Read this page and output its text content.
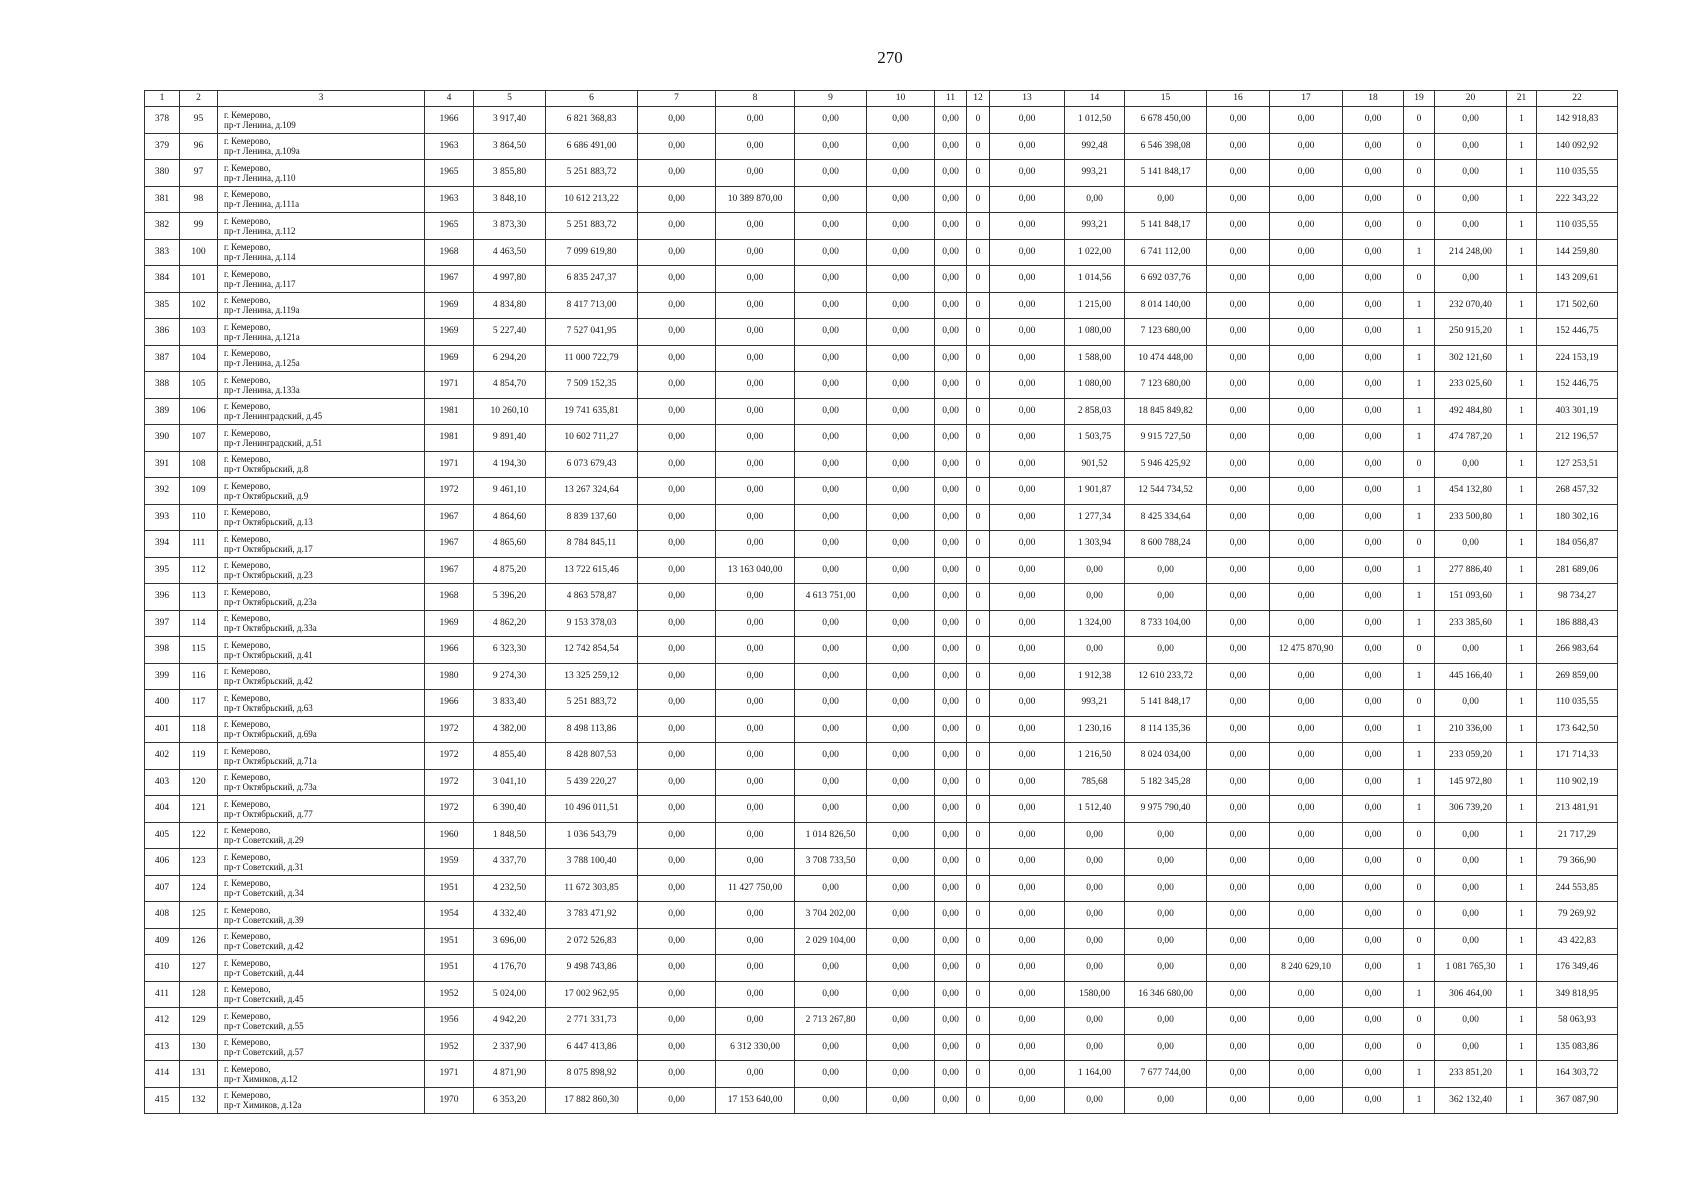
270
1	2	3	4	5	6	7	8	9	10	11	12	13	14	15	16	17	18	19	20	21	22
378	95	г. Кемерово,
пр-т Ленина, д.109	1966	3 917,40	6 821 368,83	0,00	0,00	0,00	0,00	0,00	0	0,00	1 012,50	6 678 450,00	0,00	0,00	0,00	0	0,00	1	142 918,83
379	96	г. Кемерово,
пр-т Ленина, д.109а	1963	3 864,50	6 686 491,00	0,00	0,00	0,00	0,00	0,00	0	0,00	992,48	6 546 398,08	0,00	0,00	0,00	0	0,00	1	140 092,92
380	97	г. Кемерово,
пр-т Ленина, д.110	1965	3 855,80	5 251 883,72	0,00	0,00	0,00	0,00	0,00	0	0,00	993,21	5 141 848,17	0,00	0,00	0,00	0	0,00	1	110 035,55
381	98	г. Кемерово,
пр-т Ленина, д.111а	1963	3 848,10	10 612 213,22	0,00	10 389 870,00	0,00	0,00	0,00	0	0,00	0,00	0,00	0,00	0,00	0,00	0	0,00	1	222 343,22
382	99	г. Кемерово,
пр-т Ленина, д.112	1965	3 873,30	5 251 883,72	0,00	0,00	0,00	0,00	0,00	0	0,00	993,21	5 141 848,17	0,00	0,00	0,00	0	0,00	1	110 035,55
383	100	г. Кемерово,
пр-т Ленина, д.114	1968	4 463,50	7 099 619,80	0,00	0,00	0,00	0,00	0,00	0	0,00	1 022,00	6 741 112,00	0,00	0,00	0,00	1	214 248,00	1	144 259,80
384	101	г. Кемерово,
пр-т Ленина, д.117	1967	4 997,80	6 835 247,37	0,00	0,00	0,00	0,00	0,00	0	0,00	1 014,56	6 692 037,76	0,00	0,00	0,00	0	0,00	1	143 209,61
385	102	г. Кемерово,
пр-т Ленина, д.119а	1969	4 834,80	8 417 713,00	0,00	0,00	0,00	0,00	0,00	0	0,00	1 215,00	8 014 140,00	0,00	0,00	0,00	1	232 070,40	1	171 502,60
386	103	г. Кемерово,
пр-т Ленина, д.121а	1969	5 227,40	7 527 041,95	0,00	0,00	0,00	0,00	0,00	0	0,00	1 080,00	7 123 680,00	0,00	0,00	0,00	1	250 915,20	1	152 446,75
387	104	г. Кемерово,
пр-т Ленина, д.125а	1969	6 294,20	11 000 722,79	0,00	0,00	0,00	0,00	0,00	0	0,00	1 588,00	10 474 448,00	0,00	0,00	0,00	1	302 121,60	1	224 153,19
388	105	г. Кемерово,
пр-т Ленина, д.133а	1971	4 854,70	7 509 152,35	0,00	0,00	0,00	0,00	0,00	0	0,00	1 080,00	7 123 680,00	0,00	0,00	0,00	1	233 025,60	1	152 446,75
389	106	г. Кемерово,
пр-т Ленинградский, д.45	1981	10 260,10	19 741 635,81	0,00	0,00	0,00	0,00	0,00	0	0,00	2 858,03	18 845 849,82	0,00	0,00	0,00	1	492 484,80	1	403 301,19
390	107	г. Кемерово,
пр-т Ленинградский, д.51	1981	9 891,40	10 602 711,27	0,00	0,00	0,00	0,00	0,00	0	0,00	1 503,75	9 915 727,50	0,00	0,00	0,00	1	474 787,20	1	212 196,57
391	108	г. Кемерово,
пр-т Октябрьский, д.8	1971	4 194,30	6 073 679,43	0,00	0,00	0,00	0,00	0,00	0	0,00	901,52	5 946 425,92	0,00	0,00	0,00	0	0,00	1	127 253,51
392	109	г. Кемерово,
пр-т Октябрьский, д.9	1972	9 461,10	13 267 324,64	0,00	0,00	0,00	0,00	0,00	0	0,00	1 901,87	12 544 734,52	0,00	0,00	0,00	1	454 132,80	1	268 457,32
393	110	г. Кемерово,
пр-т Октябрьский, д.13	1967	4 864,60	8 839 137,60	0,00	0,00	0,00	0,00	0,00	0	0,00	1 277,34	8 425 334,64	0,00	0,00	0,00	1	233 500,80	1	180 302,16
394	111	г. Кемерово,
пр-т Октябрьский, д.17	1967	4 865,60	8 784 845,11	0,00	0,00	0,00	0,00	0,00	0	0,00	1 303,94	8 600 788,24	0,00	0,00	0,00	0	0,00	1	184 056,87
395	112	г. Кемерово,
пр-т Октябрьский, д.23	1967	4 875,20	13 722 615,46	0,00	13 163 040,00	0,00	0,00	0,00	0	0,00	0,00	0,00	0,00	0,00	0,00	1	277 886,40	1	281 689,06
396	113	г. Кемерово,
пр-т Октябрьский, д.23а	1968	5 396,20	4 863 578,87	0,00	0,00	4 613 751,00	0,00	0,00	0	0,00	0,00	0,00	0,00	0,00	0,00	1	151 093,60	1	98 734,27
397	114	г. Кемерово,
пр-т Октябрьский, д.33а	1969	4 862,20	9 153 378,03	0,00	0,00	0,00	0,00	0,00	0	0,00	1 324,00	8 733 104,00	0,00	0,00	0,00	1	233 385,60	1	186 888,43
398	115	г. Кемерово,
пр-т Октябрьский, д.41	1966	6 323,30	12 742 854,54	0,00	0,00	0,00	0,00	0,00	0	0,00	0,00	0,00	0,00	12 475 870,90	0,00	0	0,00	1	266 983,64
399	116	г. Кемерово,
пр-т Октябрьский, д.42	1980	9 274,30	13 325 259,12	0,00	0,00	0,00	0,00	0,00	0	0,00	1 912,38	12 610 233,72	0,00	0,00	0,00	1	445 166,40	1	269 859,00
400	117	г. Кемерово,
пр-т Октябрьский, д.63	1966	3 833,40	5 251 883,72	0,00	0,00	0,00	0,00	0,00	0	0,00	993,21	5 141 848,17	0,00	0,00	0,00	0	0,00	1	110 035,55
401	118	г. Кемерово,
пр-т Октябрьский, д.69а	1972	4 382,00	8 498 113,86	0,00	0,00	0,00	0,00	0,00	0	0,00	1 230,16	8 114 135,36	0,00	0,00	0,00	1	210 336,00	1	173 642,50
402	119	г. Кемерово,
пр-т Октябрьский, д.71а	1972	4 855,40	8 428 807,53	0,00	0,00	0,00	0,00	0,00	0	0,00	1 216,50	8 024 034,00	0,00	0,00	0,00	1	233 059,20	1	171 714,33
403	120	г. Кемерово,
пр-т Октябрьский, д.73а	1972	3 041,10	5 439 220,27	0,00	0,00	0,00	0,00	0,00	0	0,00	785,68	5 182 345,28	0,00	0,00	0,00	1	145 972,80	1	110 902,19
404	121	г. Кемерово,
пр-т Октябрьский, д.77	1972	6 390,40	10 496 011,51	0,00	0,00	0,00	0,00	0,00	0	0,00	1 512,40	9 975 790,40	0,00	0,00	0,00	1	306 739,20	1	213 481,91
405	122	г. Кемерово,
пр-т Советский, д.29	1960	1 848,50	1 036 543,79	0,00	0,00	1 014 826,50	0,00	0,00	0	0,00	0,00	0,00	0,00	0,00	0,00	0	0,00	1	21 717,29
406	123	г. Кемерово,
пр-т Советский, д.31	1959	4 337,70	3 788 100,40	0,00	0,00	3 708 733,50	0,00	0,00	0	0,00	0,00	0,00	0,00	0,00	0,00	0	0,00	1	79 366,90
407	124	г. Кемерово,
пр-т Советский, д.34	1951	4 232,50	11 672 303,85	0,00	11 427 750,00	0,00	0,00	0,00	0	0,00	0,00	0,00	0,00	0,00	0,00	0	0,00	1	244 553,85
408	125	г. Кемерово,
пр-т Советский, д.39	1954	4 332,40	3 783 471,92	0,00	0,00	3 704 202,00	0,00	0,00	0	0,00	0,00	0,00	0,00	0,00	0,00	0	0,00	1	79 269,92
409	126	г. Кемерово,
пр-т Советский, д.42	1951	3 696,00	2 072 526,83	0,00	0,00	2 029 104,00	0,00	0,00	0	0,00	0,00	0,00	0,00	0,00	0,00	0	0,00	1	43 422,83
410	127	г. Кемерово,
пр-т Советский, д.44	1951	4 176,70	9 498 743,86	0,00	0,00	0,00	0,00	0,00	0	0,00	0,00	0,00	0,00	8 240 629,10	0,00	1	1 081 765,30	1	176 349,46
411	128	г. Кемерово,
пр-т Советский, д.45	1952	5 024,00	17 002 962,95	0,00	0,00	0,00	0,00	0,00	0	0,00	1580,00	16 346 680,00	0,00	0,00	0,00	1	306 464,00	1	349 818,95
412	129	г. Кемерово,
пр-т Советский, д.55	1956	4 942,20	2 771 331,73	0,00	0,00	2 713 267,80	0,00	0,00	0	0,00	0,00	0,00	0,00	0,00	0,00	0	0,00	1	58 063,93
413	130	г. Кемерово,
пр-т Советский, д.57	1952	2 337,90	6 447 413,86	0,00	6 312 330,00	0,00	0,00	0,00	0	0,00	0,00	0,00	0,00	0,00	0,00	0	0,00	1	135 083,86
414	131	г. Кемерово,
пр-т Химиков, д.12	1971	4 871,90	8 075 898,92	0,00	0,00	0,00	0,00	0,00	0	0,00	1 164,00	7 677 744,00	0,00	0,00	0,00	1	233 851,20	1	164 303,72
415	132	г. Кемерово,
пр-т Химиков, д.12а	1970	6 353,20	17 882 860,30	0,00	17 153 640,00	0,00	0,00	0,00	0	0,00	0,00	0,00	0,00	0,00	0,00	1	362 132,40	1	367 087,90
